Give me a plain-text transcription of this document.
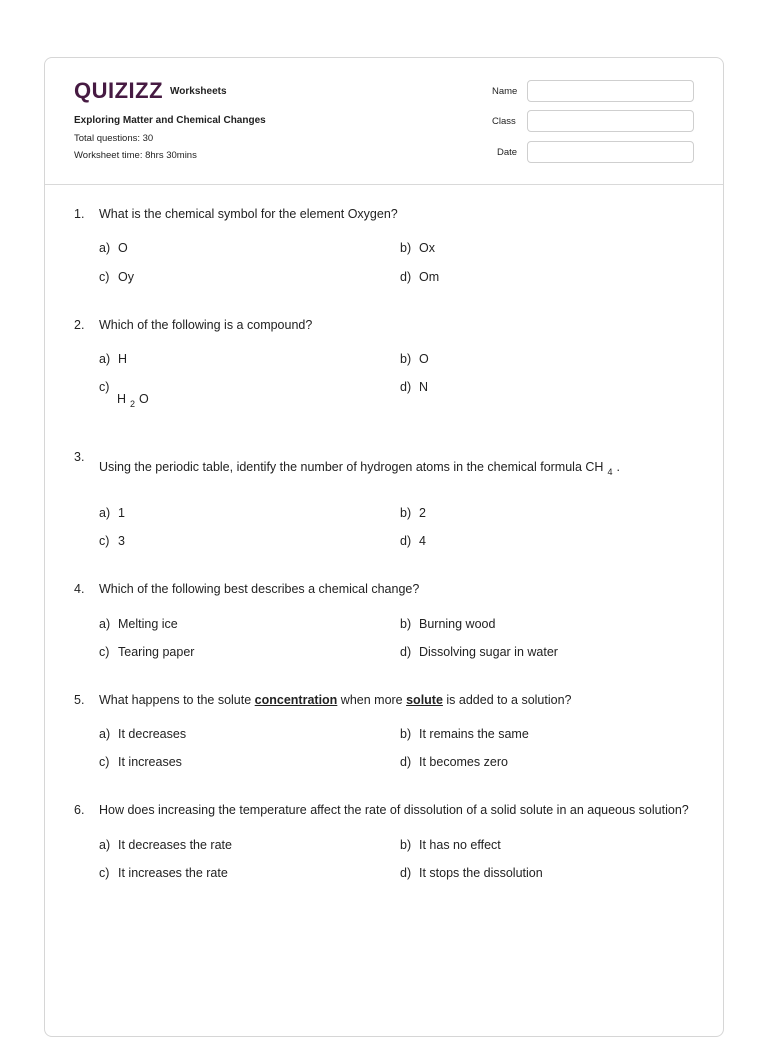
QUIZIZZ Worksheets
Exploring Matter and Chemical Changes
Total questions: 30
Worksheet time: 8hrs 30mins
Name
Class
Date
1. What is the chemical symbol for the element Oxygen?
a) O	b) Ox
c) Oy	d) Om
2. Which of the following is a compound?
a) H	b) O
c)
H $_2$ O
d) N
3.
Using the periodic table, identify the number of hydrogen atoms in the chemical formula CH $_4$ .
a) 1	b) 2
c) 3	d) 4
4. Which of the following best describes a chemical change?
a) Melting ice	b) Burning wood
c) Tearing paper	d) Dissolving sugar in water
5. What happens to the solute concentration when more solute is added to a solution?
a) It decreases	b) It remains the same
c) It increases	d) It becomes zero
6. How does increasing the temperature affect the rate of dissolution of a solid solute in an aqueous solution?
a) It decreases the rate	b) It has no effect
c) It increases the rate	d) It stops the dissolution
